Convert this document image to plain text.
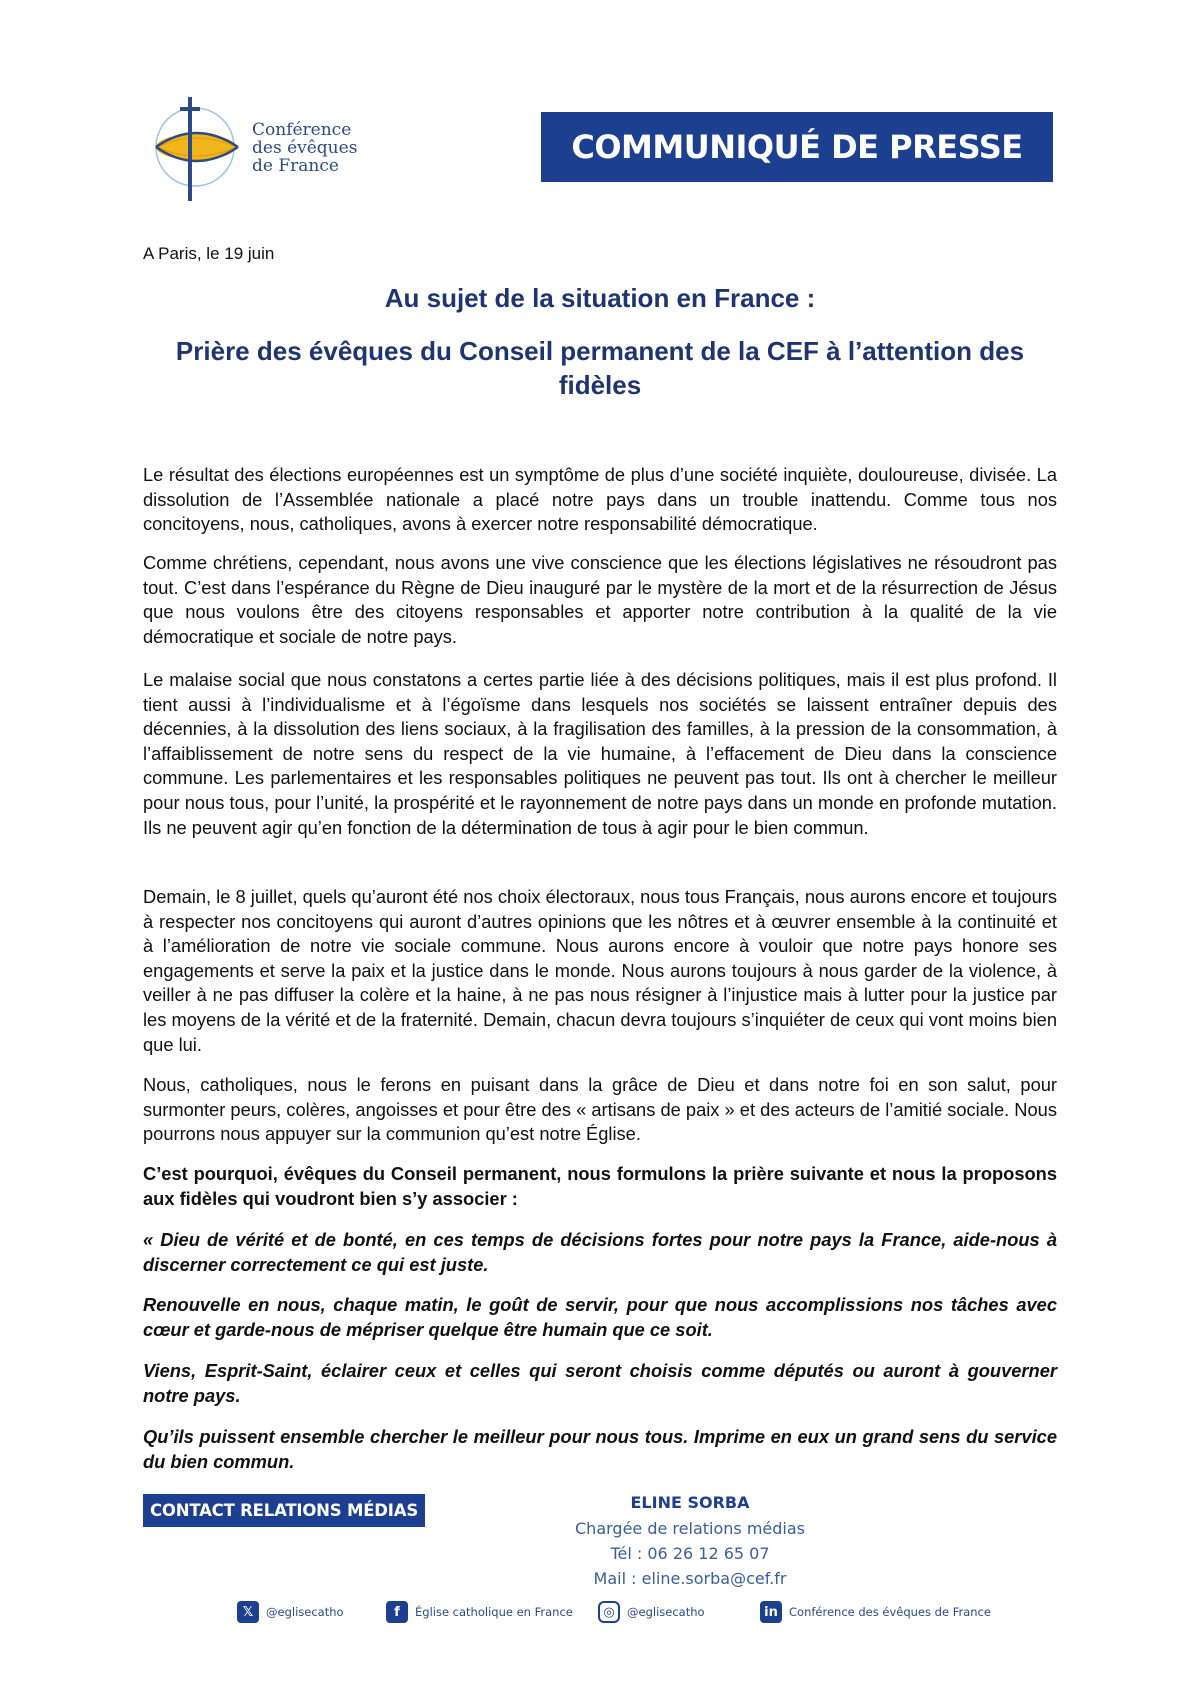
Conférence
des évêques
de France	COMMUNIQUÉ DE PRESSE
A Paris, le 19 juin
Au sujet de la situation en France :
Prière des évêques du Conseil permanent de la CEF à l’attention des fidèles

Le résultat des élections européennes est un symptôme de plus d’une société inquiète, douloureuse, divisée. La dissolution de l’Assemblée nationale a placé notre pays dans un trouble inattendu. Comme tous nos concitoyens, nous, catholiques, avons à exercer notre responsabilité démocratique.

Comme chrétiens, cependant, nous avons une vive conscience que les élections législatives ne résoudront pas tout. C’est dans l’espérance du Règne de Dieu inauguré par le mystère de la mort et de la résurrection de Jésus que nous voulons être des citoyens responsables et apporter notre contribution à la qualité de la vie démocratique et sociale de notre pays.

Le malaise social que nous constatons a certes partie liée à des décisions politiques, mais il est plus profond. Il tient aussi à l’individualisme et à l’égoïsme dans lesquels nos sociétés se laissent entraîner depuis des décennies, à la dissolution des liens sociaux, à la fragilisation des familles, à la pression de la consommation, à l’affaiblissement de notre sens du respect de la vie humaine, à l’effacement de Dieu dans la conscience commune. Les parlementaires et les responsables politiques ne peuvent pas tout. Ils ont à chercher le meilleur pour nous tous, pour l’unité, la prospérité et le rayonnement de notre pays dans un monde en profonde mutation. Ils ne peuvent agir qu’en fonction de la détermination de tous à agir pour le bien commun.

Demain, le 8 juillet, quels qu’auront été nos choix électoraux, nous tous Français, nous aurons encore et toujours à respecter nos concitoyens qui auront d’autres opinions que les nôtres et à œuvrer ensemble à la continuité et à l’amélioration de notre vie sociale commune. Nous aurons encore à vouloir que notre pays honore ses engagements et serve la paix et la justice dans le monde. Nous aurons toujours à nous garder de la violence, à veiller à ne pas diffuser la colère et la haine, à ne pas nous résigner à l’injustice mais à lutter pour la justice par les moyens de la vérité et de la fraternité. Demain, chacun devra toujours s’inquiéter de ceux qui vont moins bien que lui.

Nous, catholiques, nous le ferons en puisant dans la grâce de Dieu et dans notre foi en son salut, pour surmonter peurs, colères, angoisses et pour être des « artisans de paix » et des acteurs de l’amitié sociale. Nous pourrons nous appuyer sur la communion qu’est notre Église.

C’est pourquoi, évêques du Conseil permanent, nous formulons la prière suivante et nous la proposons aux fidèles qui voudront bien s’y associer :

« Dieu de vérité et de bonté, en ces temps de décisions fortes pour notre pays la France, aide-nous à discerner correctement ce qui est juste.

Renouvelle en nous, chaque matin, le goût de servir, pour que nous accomplissions nos tâches avec cœur et garde-nous de mépriser quelque être humain que ce soit.

Viens, Esprit-Saint, éclairer ceux et celles qui seront choisis comme députés ou auront à gouverner notre pays.

Qu’ils puissent ensemble chercher le meilleur pour nous tous. Imprime en eux un grand sens du service du bien commun.

CONTACT RELATIONS MÉDIAS	ELINE SORBA
Chargée de relations médias
Tél : 06 26 12 65 07
Mail : eline.sorba@cef.fr
𝕏	@eglisecatho	f	Église catholique en France	◎	@eglisecatho	in Conférence des évêques de France
